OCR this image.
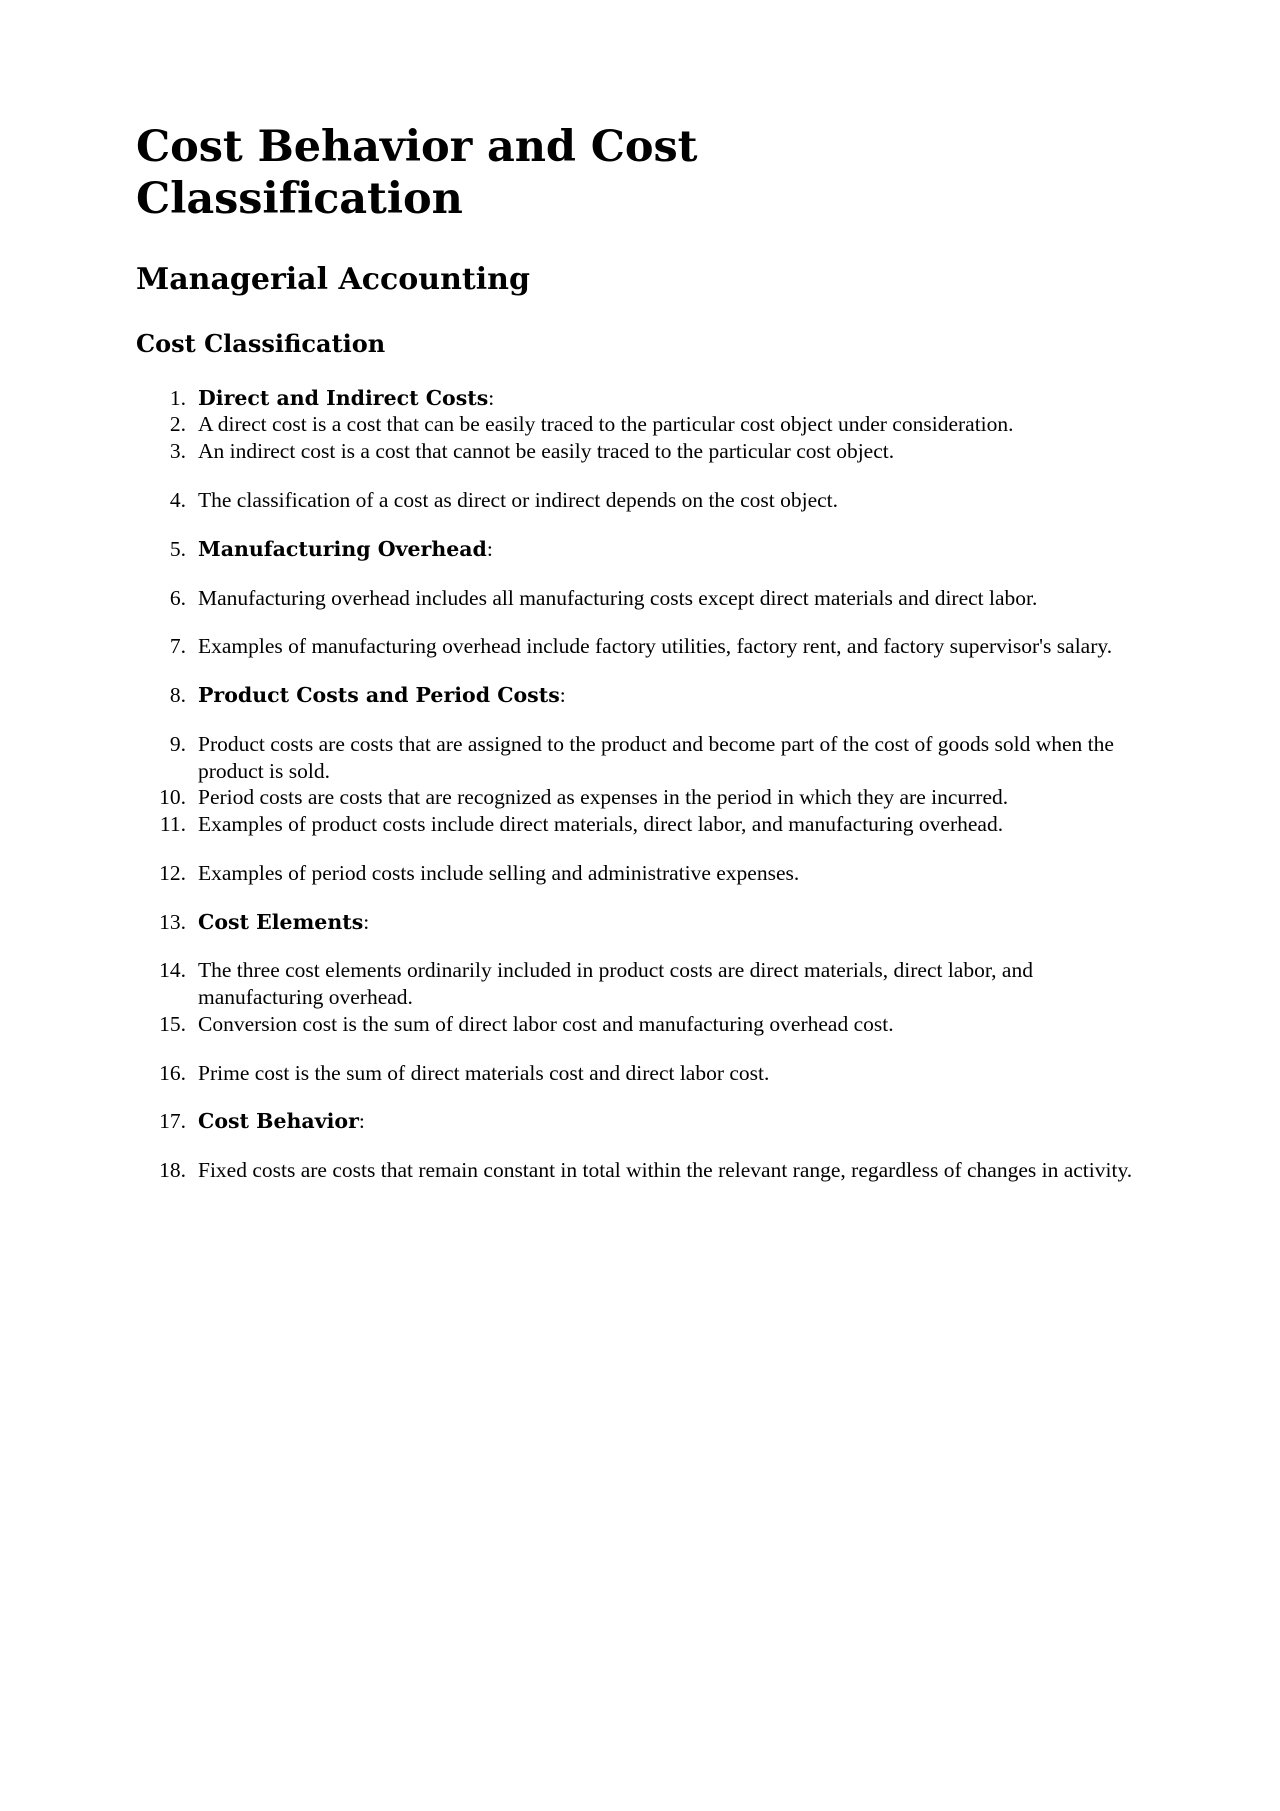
Cost Behavior and Cost Classification
Managerial Accounting
Cost Classification
1. Direct and Indirect Costs:
2. A direct cost is a cost that can be easily traced to the particular cost object under consideration.
3. An indirect cost is a cost that cannot be easily traced to the particular cost object.
4. The classification of a cost as direct or indirect depends on the cost object.
5. Manufacturing Overhead:
6. Manufacturing overhead includes all manufacturing costs except direct materials and direct labor.
7. Examples of manufacturing overhead include factory utilities, factory rent, and factory supervisor's salary.
8. Product Costs and Period Costs:
9. Product costs are costs that are assigned to the product and become part of the cost of goods sold when the product is sold.
10. Period costs are costs that are recognized as expenses in the period in which they are incurred.
11. Examples of product costs include direct materials, direct labor, and manufacturing overhead.
12. Examples of period costs include selling and administrative expenses.
13. Cost Elements:
14. The three cost elements ordinarily included in product costs are direct materials, direct labor, and manufacturing overhead.
15. Conversion cost is the sum of direct labor cost and manufacturing overhead cost.
16. Prime cost is the sum of direct materials cost and direct labor cost.
17. Cost Behavior:
18. Fixed costs are costs that remain constant in total within the relevant range, regardless of changes in activity.
